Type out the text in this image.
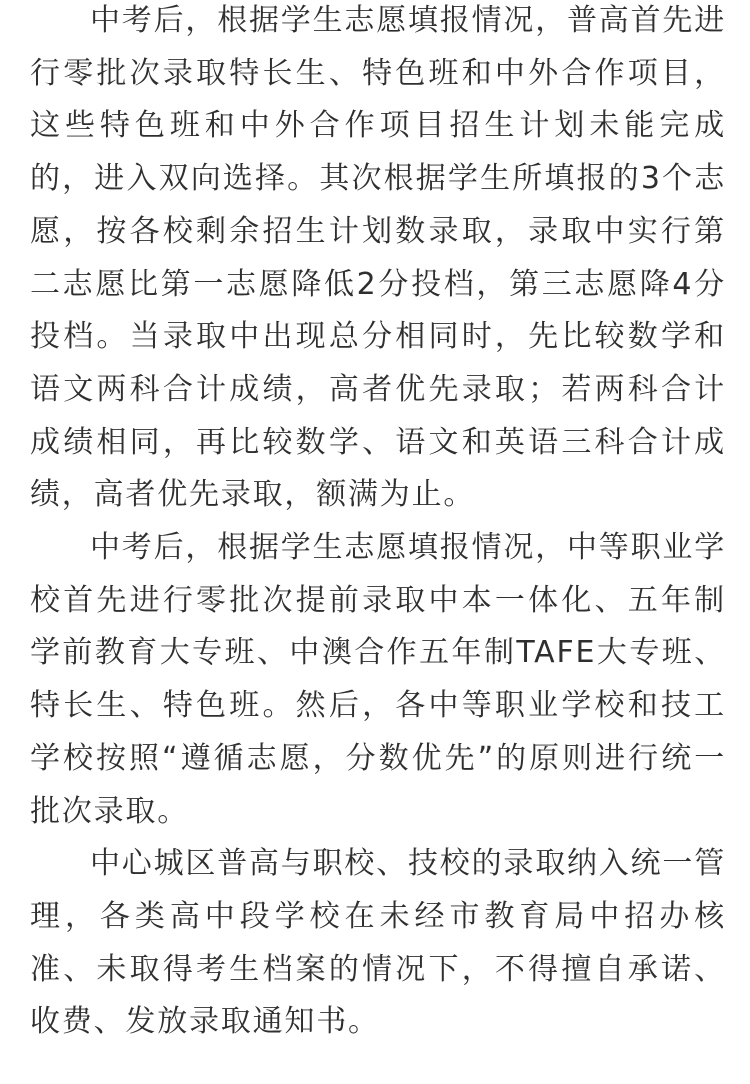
中考后，根据学生志愿填报情况，普高首先进行零批次录取特长生、特色班和中外合作项目，这些特色班和中外合作项目招生计划未能完成的，进入双向选择。其次根据学生所填报的3个志愿，按各校剩余招生计划数录取，录取中实行第二志愿比第一志愿降低2分投档，第三志愿降4分投档。当录取中出现总分相同时，先比较数学和语文两科合计成绩，高者优先录取；若两科合计成绩相同，再比较数学、语文和英语三科合计成绩，高者优先录取，额满为止。

中考后，根据学生志愿填报情况，中等职业学校首先进行零批次提前录取中本一体化、五年制学前教育大专班、中澳合作五年制TAFE大专班、特长生、特色班。然后，各中等职业学校和技工学校按照“遵循志愿，分数优先”的原则进行统一批次录取。

中心城区普高与职校、技校的录取纳入统一管理，各类高中段学校在未经市教育局中招办核准、未取得考生档案的情况下，不得擅自承诺、收费、发放录取通知书。
